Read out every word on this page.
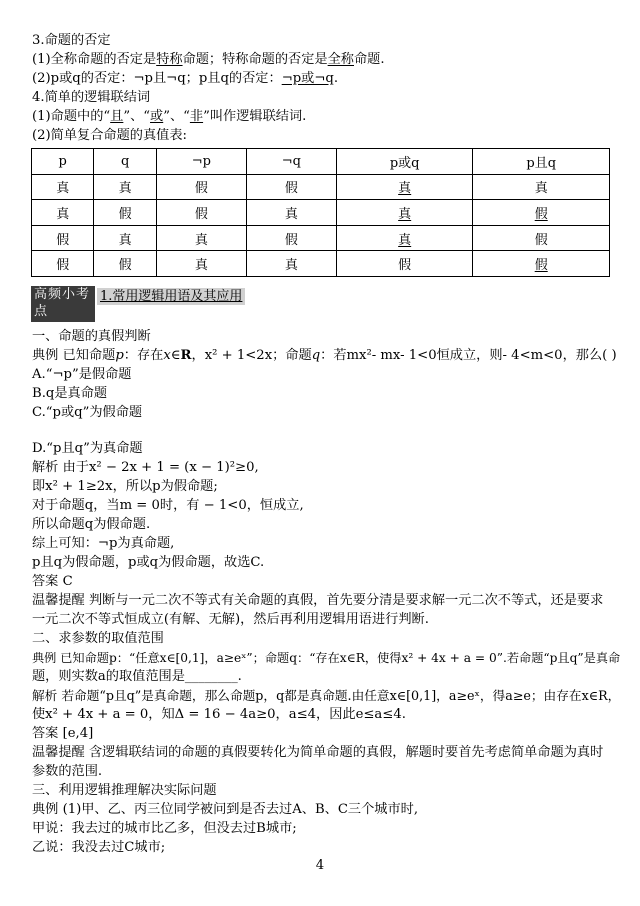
3.命题的否定
(1)全称命题的否定是特称命题；特称命题的否定是全称命题.
(2)p或q的否定：¬p且¬q；p且q的否定：¬p或¬q.
4.简单的逻辑联结词
(1)命题中的“且”、“或”、“非”叫作逻辑联结词.
(2)简单复合命题的真值表:
p	q	¬p	¬q	p或q	p且q
真	真	假	假	真	真
真	假	假	真	真	假
假	真	真	假	真	假
假	假	真	真	假	假
高频小考点
1.常用逻辑用语及其应用
一、命题的真假判断
典例 已知命题p：存在x∈R，x² + 1<2x；命题q：若mx²- mx- 1<0恒成立，则- 4<m<0，那么( )
A.“¬p”是假命题
B.q是真命题
C.“p或q”为假命题
D.“p且q”为真命题
解析 由于x² − 2x + 1 = (x − 1)²≥0,
即x² + 1≥2x，所以p为假命题;
对于命题q，当m = 0时，有 − 1<0，恒成立,
所以命题q为假命题.
综上可知：¬p为真命题,
p且q为假命题，p或q为假命题，故选C.
答案 C
温馨提醒 判断与一元二次不等式有关命题的真假，首先要分清是要求解一元二次不等式，还是要求
一元二次不等式恒成立(有解、无解)，然后再利用逻辑用语进行判断.
二、求参数的取值范围
典例 已知命题p：“任意x∈[0,1]，a≥eˣ”；命题q：“存在x∈R，使得x² + 4x + a = 0”.若命题“p且q”是真命
题，则实数a的取值范围是________.
解析 若命题“p且q”是真命题，那么命题p，q都是真命题.由任意x∈[0,1]，a≥eˣ，得a≥e；由存在x∈R，
使x² + 4x + a = 0，知Δ = 16 − 4a≥0，a≤4，因此e≤a≤4.
答案 [e,4]
温馨提醒 含逻辑联结词的命题的真假要转化为简单命题的真假，解题时要首先考虑简单命题为真时
参数的范围.
三、利用逻辑推理解决实际问题
典例 (1)甲、乙、丙三位同学被问到是否去过A、B、C三个城市时,
甲说：我去过的城市比乙多，但没去过B城市;
乙说：我没去过C城市;
4
